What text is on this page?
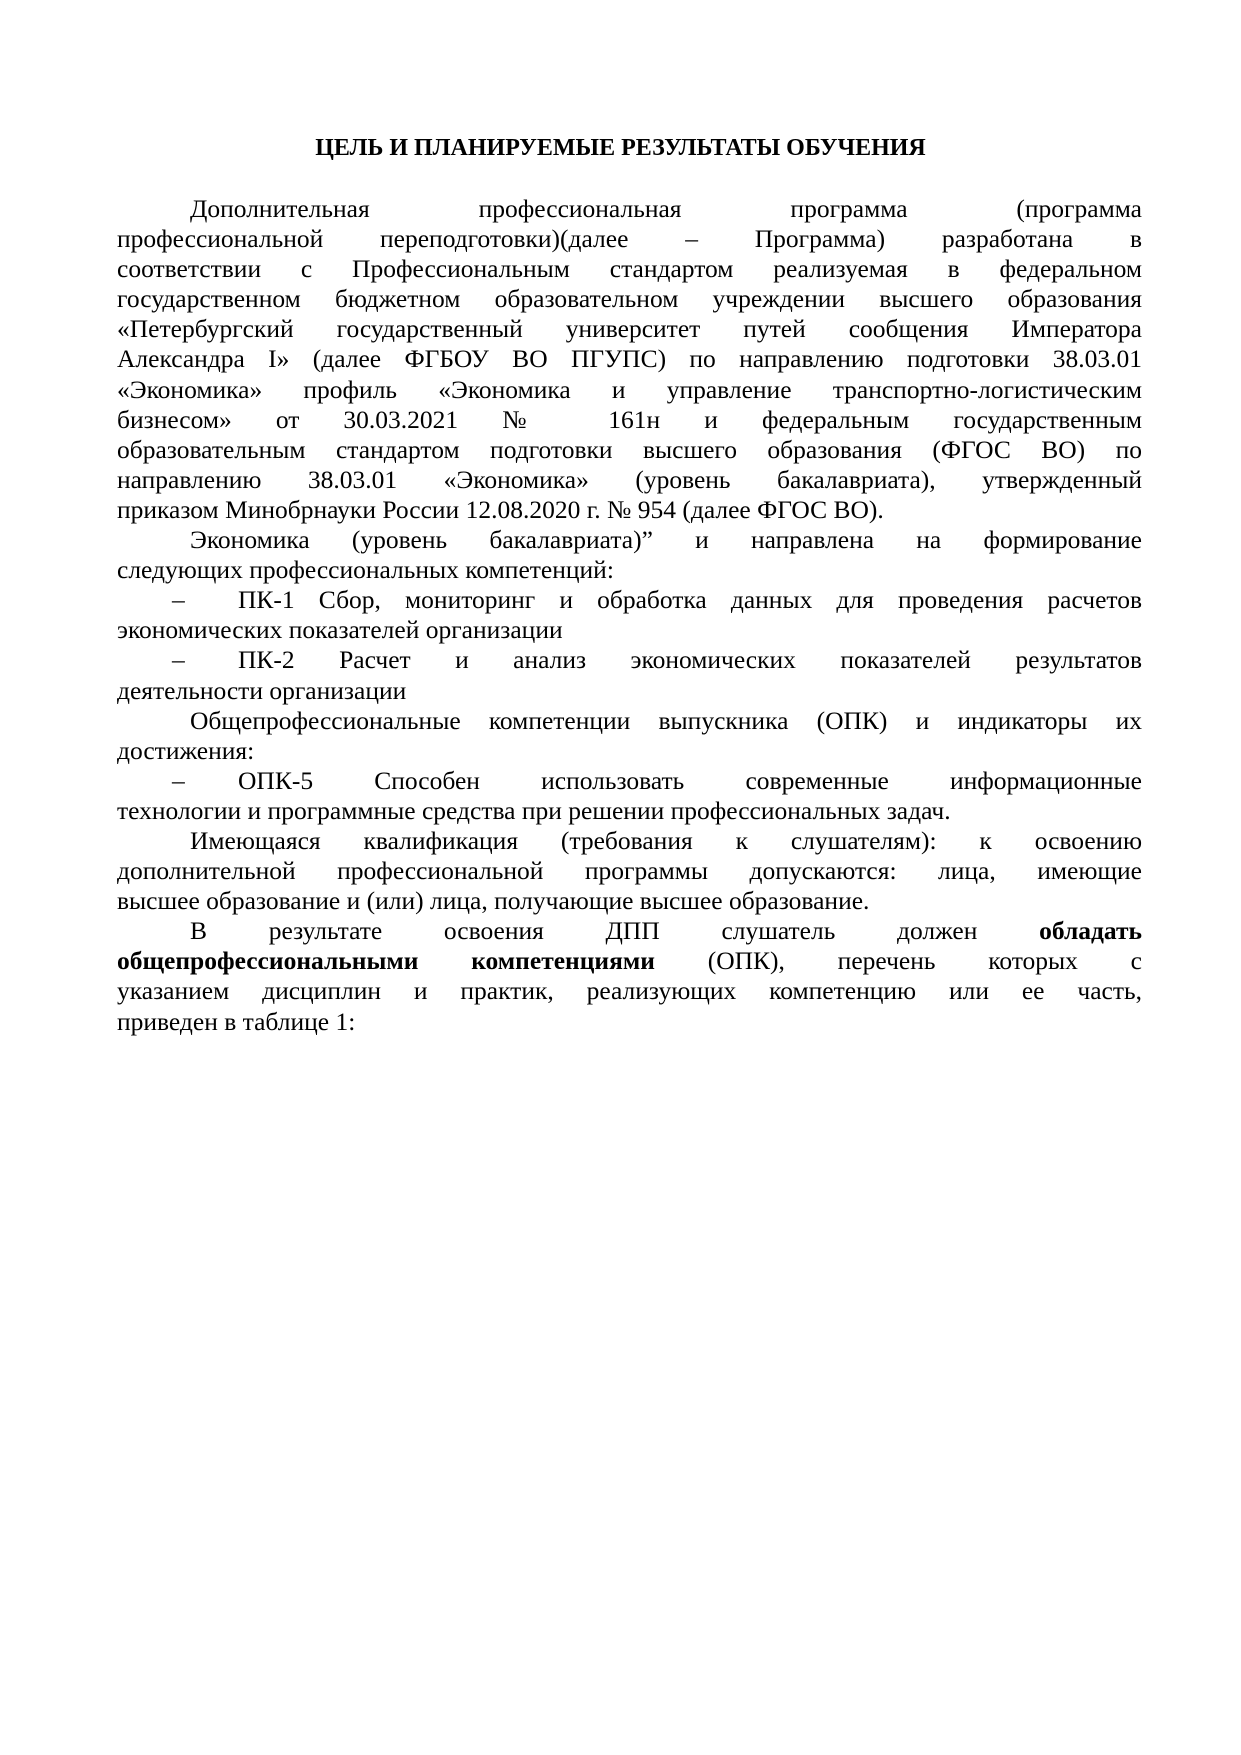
ЦЕЛЬ И ПЛАНИРУЕМЫЕ РЕЗУЛЬТАТЫ ОБУЧЕНИЯ
Дополнительная профессиональная программа (программа
профессиональной переподготовки)(далее – Программа) разработана в
соответствии с Профессиональным стандартом реализуемая в федеральном
государственном бюджетном образовательном учреждении высшего образования
«Петербургский государственный университет путей сообщения Императора
Александра I» (далее ФГБОУ ВО ПГУПС) по направлению подготовки 38.03.01
«Экономика» профиль «Экономика и управление транспортно-логистическим
бизнесом» от 30.03.2021 № 161н и федеральным государственным
образовательным стандартом подготовки высшего образования (ФГОС ВО) по
направлению 38.03.01 «Экономика» (уровень бакалавриата), утвержденный
приказом Минобрнауки России 12.08.2020 г. № 954 (далее ФГОС ВО).
Экономика (уровень бакалавриата)” и направлена на формирование
следующих профессиональных компетенций:
– ПК-1 Сбор, мониторинг и обработка данных для проведения расчетов
экономических показателей организации
– ПК-2 Расчет и анализ экономических показателей результатов
деятельности организации
Общепрофессиональные компетенции выпускника (ОПК) и индикаторы их
достижения:
– ОПК-5 Способен использовать современные информационные
технологии и программные средства при решении профессиональных задач.
Имеющаяся квалификация (требования к слушателям): к освоению
дополнительной профессиональной программы допускаются: лица, имеющие
высшее образование и (или) лица, получающие высшее образование.
В результате освоения ДПП слушатель должен обладать
общепрофессиональными компетенциями (ОПК), перечень которых с
указанием дисциплин и практик, реализующих компетенцию или ее часть,
приведен в таблице 1:
